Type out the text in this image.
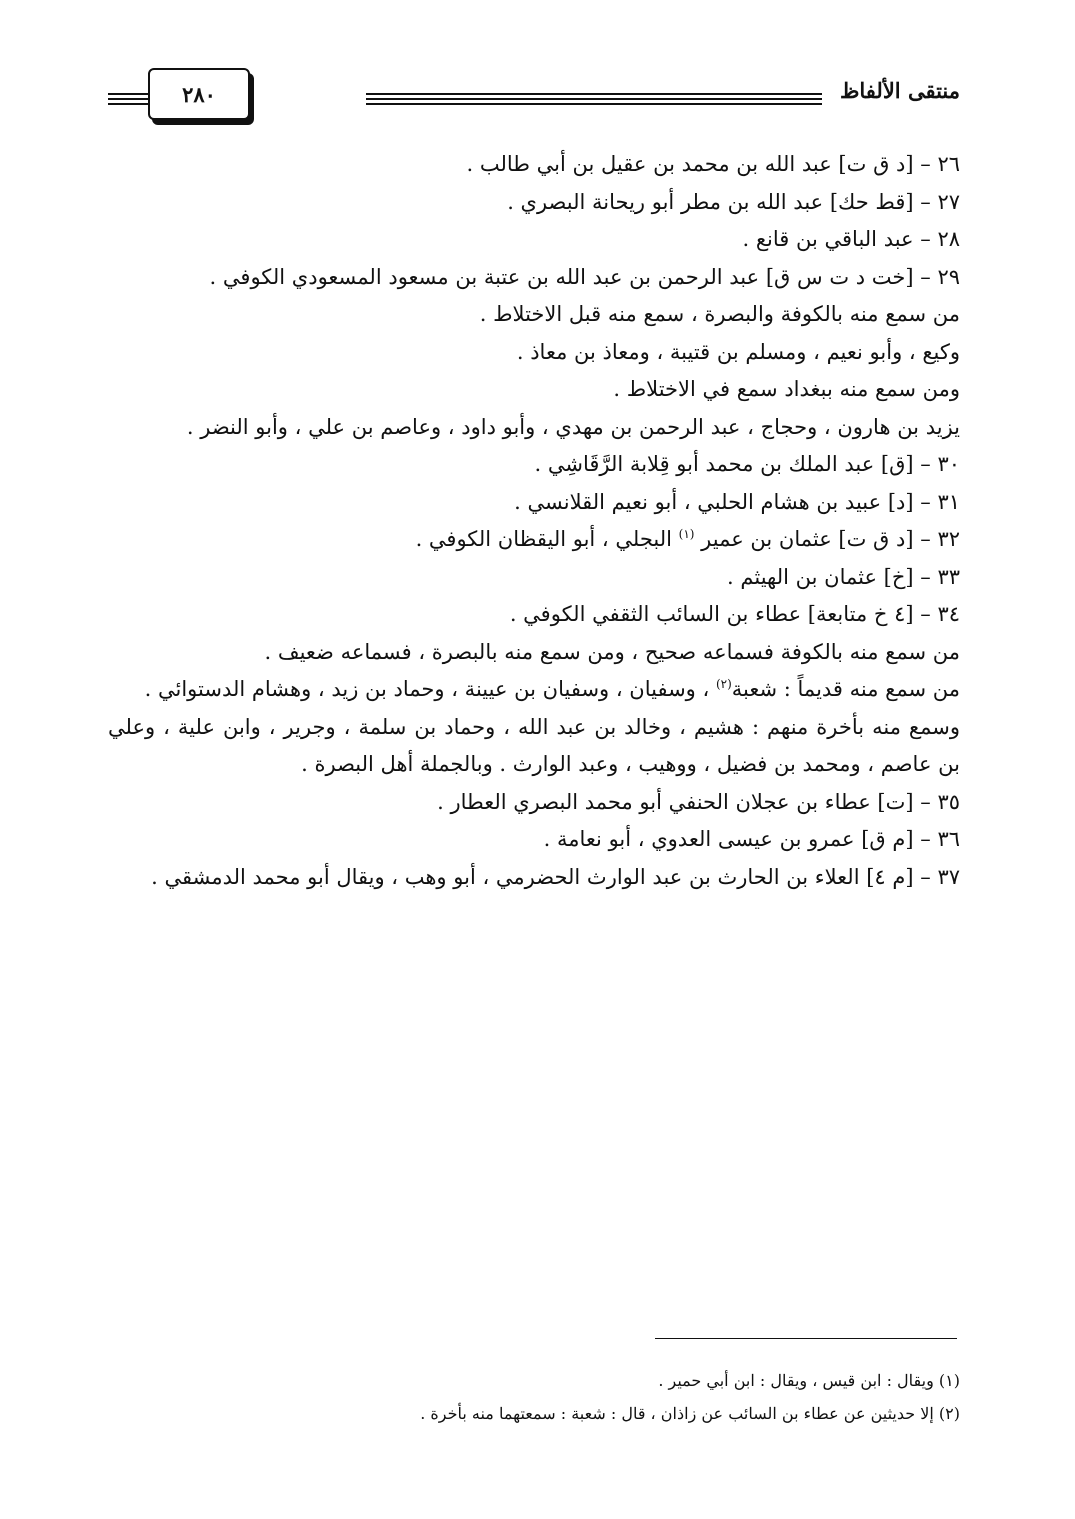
منتقى الألفاظ
٢٨٠

٢٦ – [د ق ت] عبد الله بن محمد بن عقيل بن أبي طالب .

٢٧ – [قط حك] عبد الله بن مطر أبو ريحانة البصري .

٢٨ – عبد الباقي بن قانع .

٢٩ – [خت د ت س ق] عبد الرحمن بن عبد الله بن عتبة بن مسعود المسعودي الكوفي .

من سمع منه بالكوفة والبصرة ، سمع منه قبل الاختلاط .

وكيع ، وأبو نعيم ، ومسلم بن قتيبة ، ومعاذ بن معاذ .

ومن سمع منه ببغداد سمع في الاختلاط .

يزيد بن هارون ، وحجاج ، عبد الرحمن بن مهدي ، وأبو داود ، وعاصم بن علي ، وأبو النضر .

٣٠ – [ق] عبد الملك بن محمد أبو قِلابة الرَّقَاشِي .

٣١ – [د] عبيد بن هشام الحلبي ، أبو نعيم القلانسي .

٣٢ – [د ق ت] عثمان بن عمير $^{(١)}$ البجلي ، أبو اليقظان الكوفي .

٣٣ – [خ] عثمان بن الهيثم .

٣٤ – [٤ خ متابعة] عطاء بن السائب الثقفي الكوفي .

من سمع منه بالكوفة فسماعه صحيح ، ومن سمع منه بالبصرة ، فسماعه ضعيف .

من سمع منه قديماً : شعبة$^{(٢)}$ ، وسفيان ، وسفيان بن عيينة ، وحماد بن زيد ، وهشام الدستوائي .

وسمع منه بأخرة منهم : هشيم ، وخالد بن عبد الله ، وحماد بن سلمة ، وجرير ، وابن علية ، وعلي بن عاصم ، ومحمد بن فضيل ، ووهيب ، وعبد الوارث . وبالجملة أهل البصرة .

٣٥ – [ت] عطاء بن عجلان الحنفي أبو محمد البصري العطار .

٣٦ – [م ق] عمرو بن عيسى العدوي ، أبو نعامة .

٣٧ – [م ٤] العلاء بن الحارث بن عبد الوارث الحضرمي ، أبو وهب ، ويقال أبو محمد الدمشقي .

(١) ويقال : ابن قيس ، ويقال : ابن أبي حمير .

(٢) إلا حديثين عن عطاء بن السائب عن زاذان ، قال : شعبة : سمعتهما منه بأخرة .
